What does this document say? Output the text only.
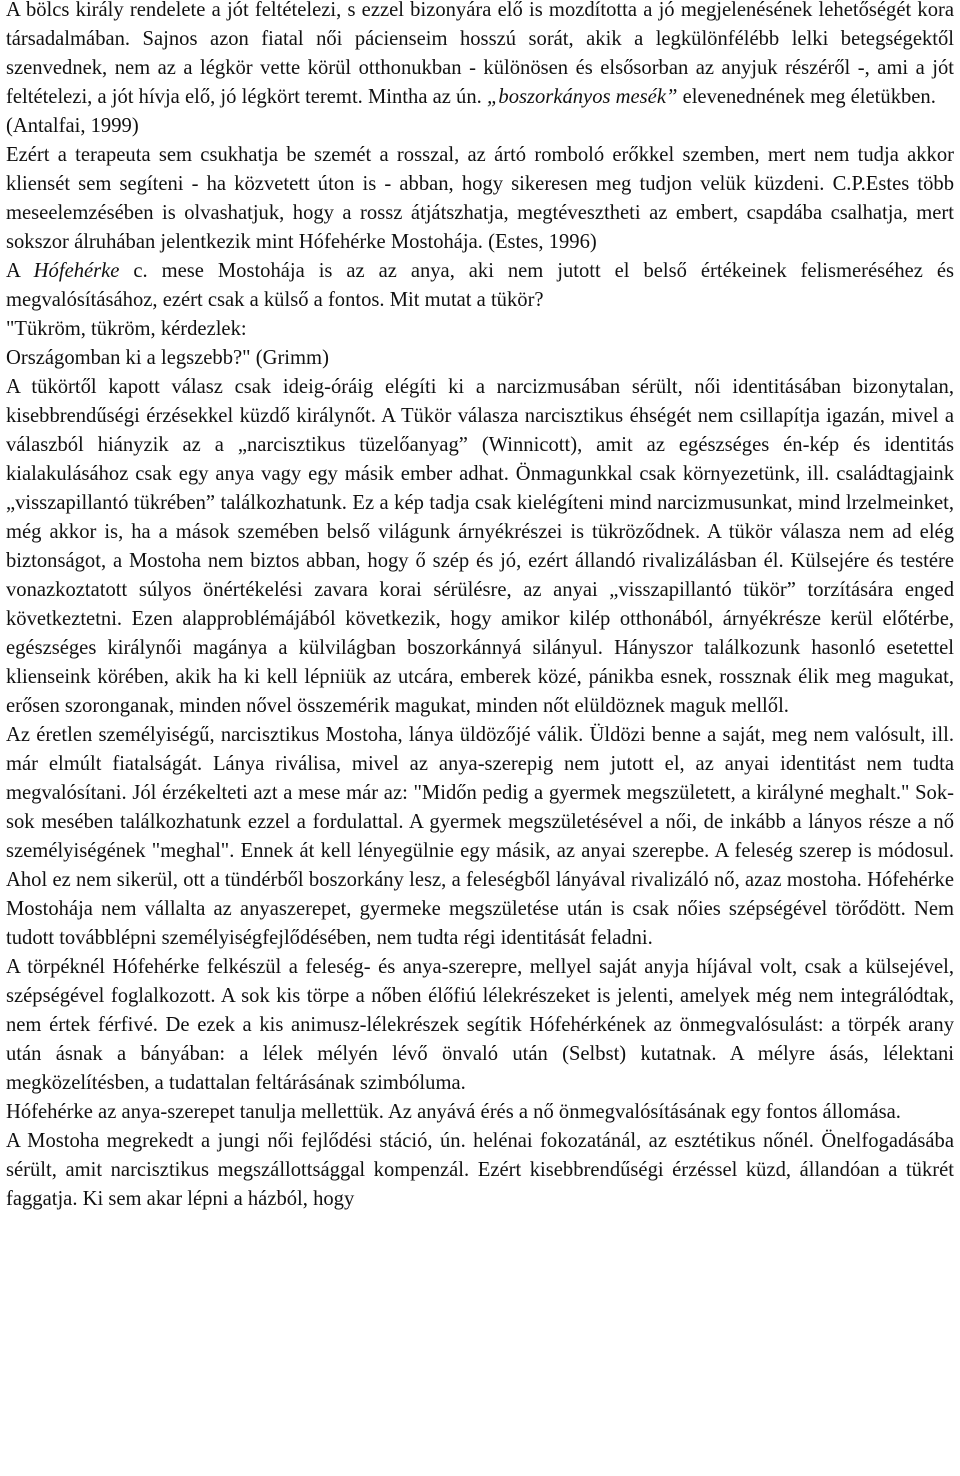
A bölcs király rendelete a jót feltételezi, s ezzel bizonyára elő is mozdította a jó megjelenésének lehetőségét kora társadalmában. Sajnos azon fiatal női pácienseim hosszú sorát, akik a legkülönfélébb lelki betegségektől szenvednek, nem az a légkör vette körül otthonukban - különösen és elsősorban az anyjuk részéről -, ami a jót feltételezi, a jót hívja elő, jó légkört teremt. Mintha az ún. „boszorkányos mesék” elevenednének meg életükben.

(Antalfai, 1999)

Ezért a terapeuta sem csukhatja be szemét a rosszal, az ártó romboló erőkkel szemben, mert nem tudja akkor kliensét sem segíteni - ha közvetett úton is - abban, hogy sikeresen meg tudjon velük küzdeni. C.P.Estes több meseelemzésében is olvashatjuk, hogy a rossz átjátszhatja, megtévesztheti az embert, csapdába csalhatja, mert sokszor álruhában jelentkezik mint Hófehérke Mostohája. (Estes, 1996)

A Hófehérke c. mese Mostohája is az az anya, aki nem jutott el belső értékeinek felismeréséhez és megvalósításához, ezért csak a külső a fontos. Mit mutat a tükör?

"Tükröm, tükröm, kérdezlek:

Országomban ki a legszebb?" (Grimm)

A tükörtől kapott válasz csak ideig-óráig elégíti ki a narcizmusában sérült, női identitásában bizonytalan, kisebbrendűségi érzésekkel küzdő királynőt. A Tükör válasza narcisztikus éhségét nem csillapítja igazán, mivel a válaszból hiányzik az a „narcisztikus tüzelőanyag” (Winnicott), amit az egészséges én-kép és identitás kialakulásához csak egy anya vagy egy másik ember adhat. Önmagunkkal csak környezetünk, ill. családtagjaink „visszapillantó tükrében” találkozhatunk. Ez a kép tadja csak kielégíteni mind narcizmusunkat, mind lrzelmeinket, még akkor is, ha a mások szemében belső világunk árnyékrészei is tükröződnek. A tükör válasza nem ad elég biztonságot, a Mostoha nem biztos abban, hogy ő szép és jó, ezért állandó rivalizálásban él. Külsejére és testére vonazkoztatott súlyos önértékelési zavara korai sérülésre, az anyai „visszapillantó tükör” torzítására enged következtetni. Ezen alapproblémájából következik, hogy amikor kilép otthonából, árnyékrésze kerül előtérbe, egészséges királynői magánya a külvilágban boszorkánnyá silányul. Hányszor találkozunk hasonló esetettel klienseink körében, akik ha ki kell lépniük az utcára, emberek közé, pánikba esnek, rossznak élik meg magukat, erősen szoronganak, minden nővel összemérik magukat, minden nőt elüldöznek maguk mellől.

Az éretlen személyiségű, narcisztikus Mostoha, lánya üldözőjé válik. Üldözi benne a saját, meg nem valósult, ill. már elmúlt fiatalságát. Lánya riválisa, mivel az anya-szerepig nem jutott el, az anyai identitást nem tudta megvalósítani. Jól érzékelteti azt a mese már az: "Midőn pedig a gyermek megszületett, a királyné meghalt." Sok-sok mesében találkozhatunk ezzel a fordulattal. A gyermek megszületésével a női, de inkább a lányos része a nő személyiségének "meghal". Ennek át kell lényegülnie egy másik, az anyai szerepbe. A feleség szerep is módosul. Ahol ez nem sikerül, ott a tündérből boszorkány lesz, a feleségből lányával rivalizáló nő, azaz mostoha. Hófehérke Mostohája nem vállalta az anyaszerepet, gyermeke megszületése után is csak nőies szépségével törődött. Nem tudott továbblépni személyiségfejlődésében, nem tudta régi identitását feladni.

A törpéknél Hófehérke felkészül a feleség- és anya-szerepre, mellyel saját anyja híjával volt, csak a külsejével, szépségével foglalkozott. A sok kis törpe a nőben élőfiú lélekrészeket is jelenti, amelyek még nem integrálódtak, nem értek férfivé. De ezek a kis animusz-lélekrészek segítik Hófehérkének az önmegvalósulást: a törpék arany után ásnak a bányában: a lélek mélyén lévő önvaló után (Selbst) kutatnak. A mélyre ásás, lélektani megközelítésben, a tudattalan feltárásának szimbóluma.

Hófehérke az anya-szerepet tanulja mellettük. Az anyává érés a nő önmegvalósításának egy fontos állomása.

A Mostoha megrekedt a jungi női fejlődési stáció, ún. helénai fokozatánál, az esztétikus nőnél. Önelfogadásába sérült, amit narcisztikus megszállottsággal kompenzál. Ezért kisebbrendűségi érzéssel küzd, állandóan a tükrét faggatja. Ki sem akar lépni a házból, hogy
